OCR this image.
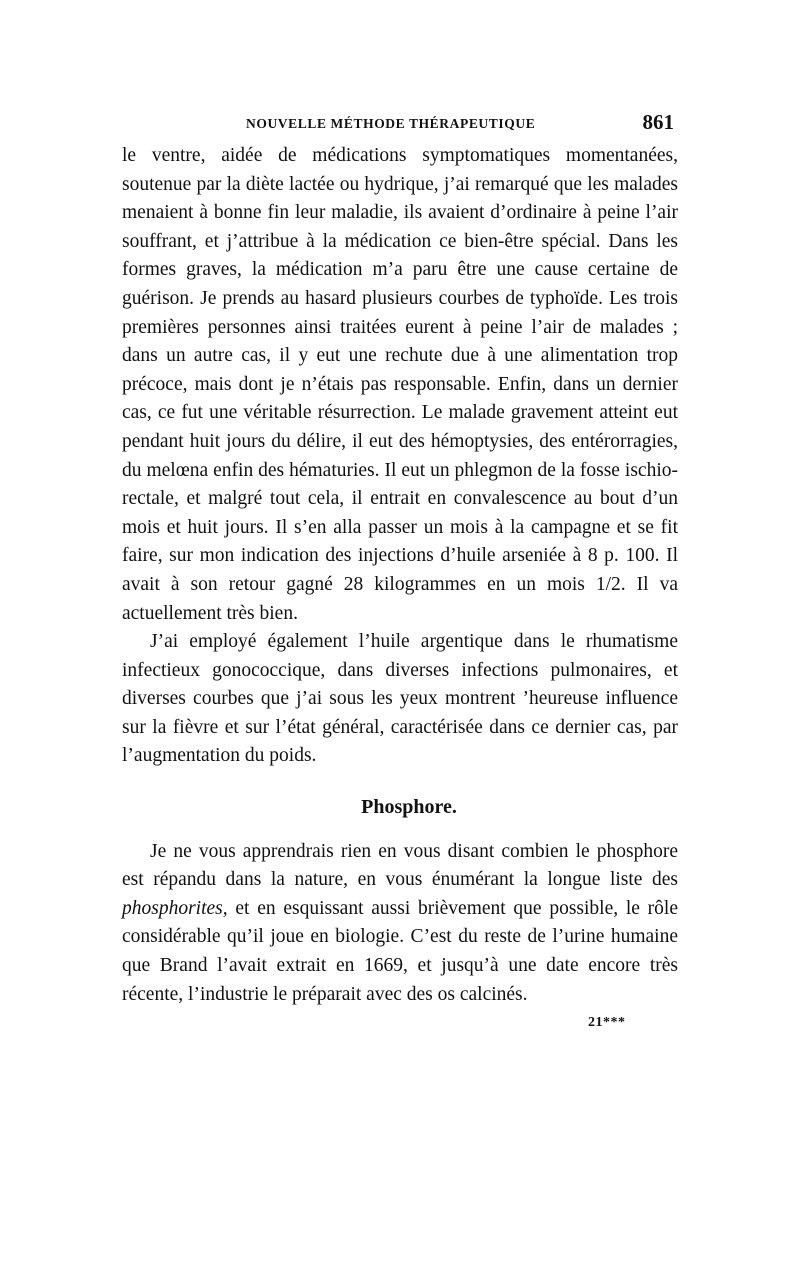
NOUVELLE MÉTHODE THÉRAPEUTIQUE	861

le ventre, aidée de médications symptomatiques momentanées, soutenue par la diète lactée ou hydrique, j’ai remarqué que les malades menaient à bonne fin leur maladie, ils avaient d’ordinaire à peine l’air souffrant, et j’attribue à la médication ce bien-être spécial. Dans les formes graves, la médication m’a paru être une cause certaine de guérison. Je prends au hasard plusieurs courbes de typhoïde. Les trois premières personnes ainsi traitées eurent à peine l’air de malades ; dans un autre cas, il y eut une rechute due à une alimentation trop précoce, mais dont je n’étais pas responsable. Enfin, dans un dernier cas, ce fut une véritable résurrection. Le malade gravement atteint eut pendant huit jours du délire, il eut des hémoptysies, des entérorragies, du melœna enfin des hématuries. Il eut un phlegmon de la fosse ischio-rectale, et malgré tout cela, il entrait en convalescence au bout d’un mois et huit jours. Il s’en alla passer un mois à la campagne et se fit faire, sur mon indication des injections d’huile arseniée à 8 p. 100. Il avait à son retour gagné 28 kilogrammes en un mois 1/2. Il va actuellement très bien.

J’ai employé également l’huile argentique dans le rhumatisme infectieux gonococcique, dans diverses infections pulmonaires, et diverses courbes que j’ai sous les yeux montrent ’heureuse influence sur la fièvre et sur l’état général, caractérisée dans ce dernier cas, par l’augmentation du poids.

Phosphore.

Je ne vous apprendrais rien en vous disant combien le phosphore est répandu dans la nature, en vous énumérant la longue liste des phosphorites, et en esquissant aussi brièvement que possible, le rôle considérable qu’il joue en biologie. C’est du reste de l’urine humaine que Brand l’avait extrait en 1669, et jusqu’à une date encore très récente, l’industrie le préparait avec des os calcinés.

21***
